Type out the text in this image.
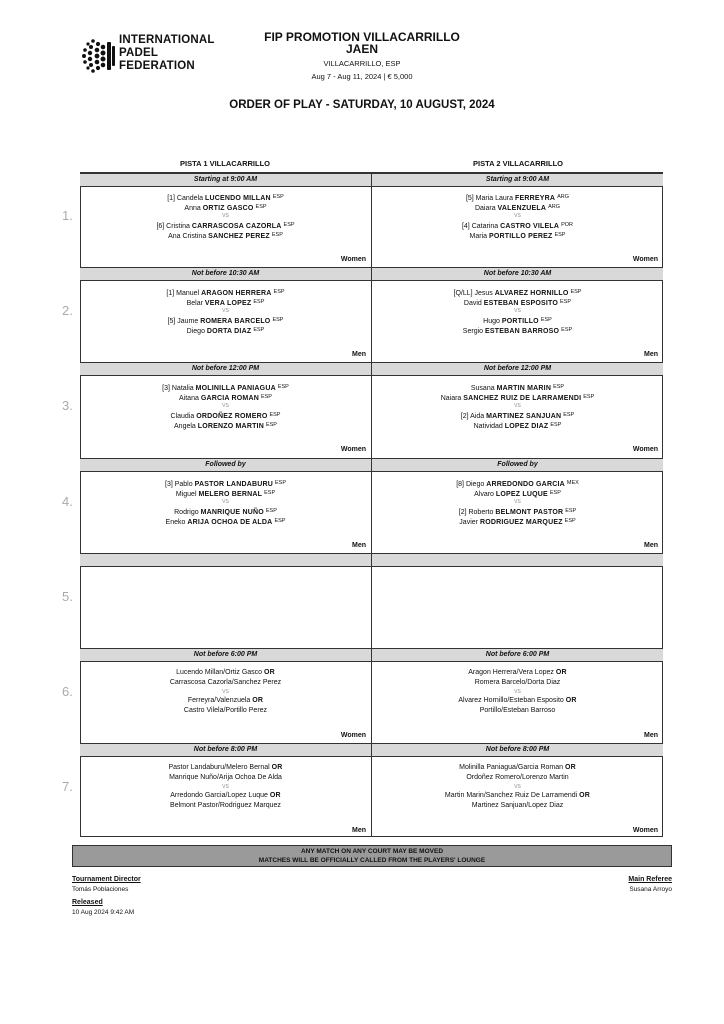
INTERNATIONAL
PADEL
FEDERATION
FIP PROMOTION VILLACARRILLO
JAEN
VILLACARRILLO, ESP
Aug 7 - Aug 11, 2024 | € 5,000
ORDER OF PLAY - SATURDAY, 10 AUGUST, 2024
PISTA 1 VILLACARRILLO	PISTA 2 VILLACARRILLO
1.
Starting at 9:00 AM
[1] Candela LUCENDO MILLAN $^{ESP}$
Anna ORTIZ GASCO $^{ESP}$
VS
[6] Cristina CARRASCOSA CAZORLA $^{ESP}$
Ana Cristina SANCHEZ PEREZ $^{ESP}$
Women
Starting at 9:00 AM
[5] Maria Laura FERREYRA $^{ARG}$
Daiara VALENZUELA $^{ARG}$
VS
[4] Catarina CASTRO VILELA $^{POR}$
Maria PORTILLO PEREZ $^{ESP}$
Women
2.
Not before 10:30 AM
[1] Manuel ARAGON HERRERA $^{ESP}$
Belar VERA LOPEZ $^{ESP}$
VS
[5] Jaume ROMERA BARCELO $^{ESP}$
Diego DORTA DIAZ $^{ESP}$
Men
Not before 10:30 AM
[Q/LL] Jesus ALVAREZ HORNILLO $^{ESP}$
David ESTEBAN ESPOSITO $^{ESP}$
VS
Hugo PORTILLO $^{ESP}$
Sergio ESTEBAN BARROSO $^{ESP}$
Men
3.
Not before 12:00 PM
[3] Natalia MOLINILLA PANIAGUA $^{ESP}$
Aitana GARCIA ROMAN $^{ESP}$
VS
Claudia ORDOÑEZ ROMERO $^{ESP}$
Angela LORENZO MARTIN $^{ESP}$
Women
Not before 12:00 PM
Susana MARTIN MARIN $^{ESP}$
Naiara SANCHEZ RUIZ DE LARRAMENDI $^{ESP}$
VS
[2] Aida MARTINEZ SANJUAN $^{ESP}$
Natividad LOPEZ DIAZ $^{ESP}$
Women
4.
Followed by
[3] Pablo PASTOR LANDABURU $^{ESP}$
Miguel MELERO BERNAL $^{ESP}$
VS
Rodrigo MANRIQUE NUÑO $^{ESP}$
Eneko ARIJA OCHOA DE ALDA $^{ESP}$
Men
Followed by
[8] Diego ARREDONDO GARCIA $^{MEX}$
Alvaro LOPEZ LUQUE $^{ESP}$
VS
[2] Roberto BELMONT PASTOR $^{ESP}$
Javier RODRIGUEZ MARQUEZ $^{ESP}$
Men
5.
6.
Not before 6:00 PM
Lucendo Millan/Ortiz Gasco OR
Carrascosa Cazorla/Sanchez Perez
VS
Ferreyra/Valenzuela OR
Castro Vilela/Portillo Perez
Women
Not before 6:00 PM
Aragon Herrera/Vera Lopez OR
Romera Barcelo/Dorta Diaz
VS
Alvarez Hornillo/Esteban Esposito OR
Portillo/Esteban Barroso
Men
7.
Not before 8:00 PM
Pastor Landaburu/Melero Bernal OR
Manrique Nuño/Arija Ochoa De Alda
VS
Arredondo Garcia/Lopez Luque OR
Belmont Pastor/Rodriguez Marquez
Men
Not before 8:00 PM
Molinilla Paniagua/Garcia Roman OR
Ordoñez Romero/Lorenzo Martin
VS
Martin Marin/Sanchez Ruiz De Larramendi OR
Martinez Sanjuan/Lopez Diaz
Women
ANY MATCH ON ANY COURT MAY BE MOVED
MATCHES WILL BE OFFICIALLY CALLED FROM THE PLAYERS' LOUNGE
Tournament Director
Tomás Poblaciones
Main Referee
Susana Arroyo
Released
10 Aug 2024 9:42 AM
